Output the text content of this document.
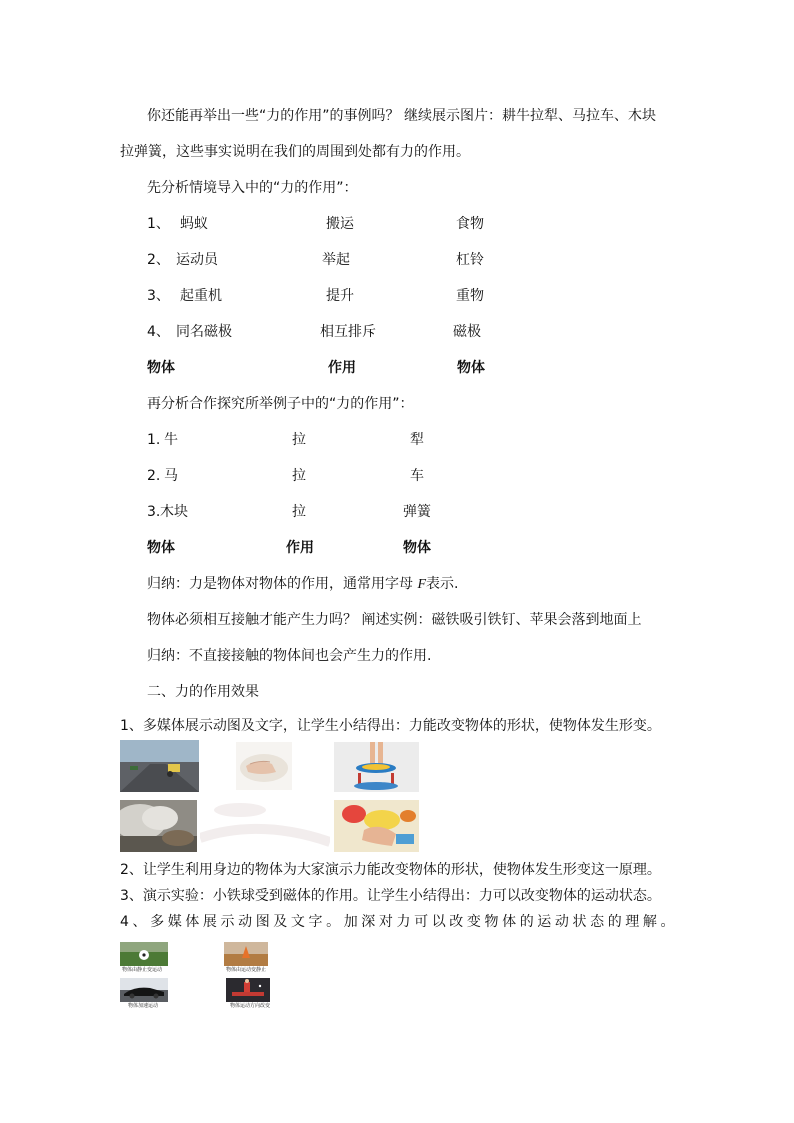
你还能再举出一些“力的作用”的事例吗？ 继续展示图片：耕牛拉犁、马拉车、木块
拉弹簧，这些事实说明在我们的周围到处都有力的作用。
先分析情境导入中的“力的作用”：
1、 蚂蚁	搬运	食物
2、 运动员	举起	杠铃
3、 起重机	提升	重物
4、 同名磁极	相互排斥	磁极
物体	作用	物体
再分析合作探究所举例子中的“力的作用”：
1. 牛	拉	犁
2. 马	拉	车
3. 木块	拉	弹簧
物体	作用	物体
归纳：力是物体对物体的作用，通常用字母 F表示.
物体必须相互接触才能产生力吗？ 阐述实例：磁铁吸引铁钉、苹果会落到地面上
归纳：不直接接触的物体间也会产生力的作用.
二、力的作用效果
1、多媒体展示动图及文字，让学生小结得出：力能改变物体的形状，使物体发生形变。
2、让学生利用身边的物体为大家演示力能改变物体的形状，使物体发生形变这一原理。
3、演示实验：小铁球受到磁体的作用。让学生小结得出：力可以改变物体的运动状态。
4、多媒体展示动图及文字。加深对力可以改变物体的运动状态的理解。
物体由静止变运动	物体由运动变静止
物体加速运动	物体运动方向改变
